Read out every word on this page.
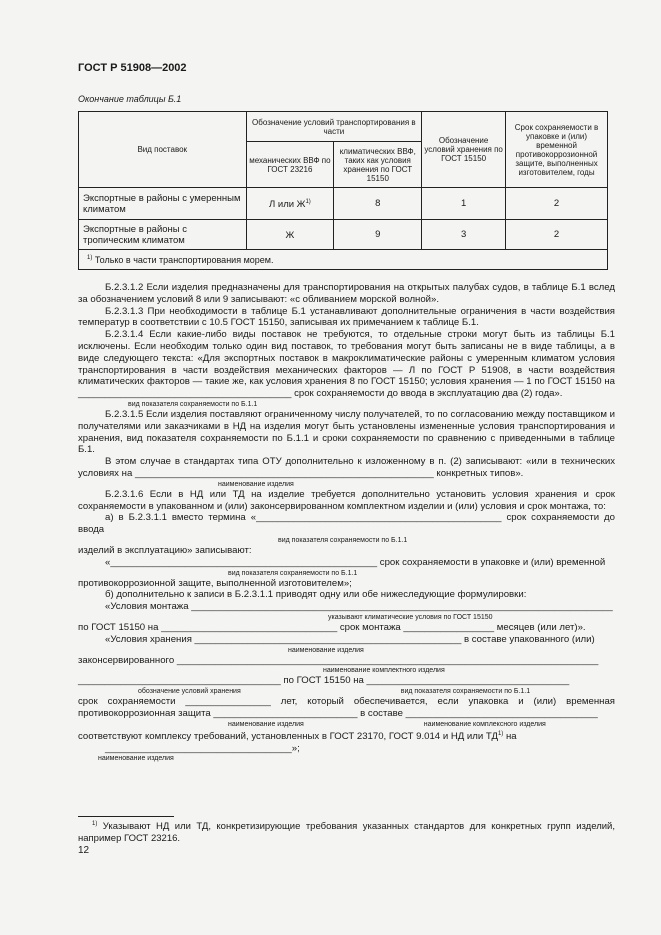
ГОСТ Р 51908—2002
Окончание таблицы Б.1
Вид поставок	Обозначение условий транспортирования в части		Обозначение условий хранения по ГОСТ 15150	Срок сохраняемости в упаковке и (или) временной противокоррозионной защите, выполненных изготовителем, годы
	механических ВВФ по ГОСТ 23216	климатических ВВФ, таких как условия хранения по ГОСТ 15150		
Экспортные в районы с умеренным климатом	Л или $Ж^{1)}$	8	1	2
Экспортные в районы с тропическим климатом	Ж	9	3	2
$^{1)}$ Только в части транспортирования морем.				

Б.2.3.1.2 Если изделия предназначены для транспортирования на открытых палубах судов, в таблице Б.1 вслед за обозначением условий 8 или 9 записывают: «с обливанием морской волной».

Б.2.3.1.3 При необходимости в таблице Б.1 устанавливают дополнительные ограничения в части воздействия температур в соответствии с 10.5 ГОСТ 15150, записывая их примечанием к таблице Б.1.

Б.2.3.1.4 Если какие-либо виды поставок не требуются, то отдельные строки могут быть из таблицы Б.1 исключены. Если необходим только один вид поставок, то требования могут быть записаны не в виде таблицы, а в виде следующего текста: «Для экспортных поставок в макроклиматические районы с умеренным климатом условия транспортирования в части воздействия механических факторов — Л по ГОСТ Р 51908, в части воздействия климатических факторов — такие же, как условия хранения 8 по ГОСТ 15150; условия хранения — 1 по ГОСТ 15150 на ________________________________________ срок сохраняемости до ввода в эксплуатацию два (2) года».

вид показателя сохраняемости по Б.1.1

Б.2.3.1.5 Если изделия поставляют ограниченному числу получателей, то по согласованию между поставщиком и получателями или заказчиками в НД на изделия могут быть установлены измененные условия транспортирования и хранения, вид показателя сохраняемости по Б.1.1 и сроки сохраняемости по сравнению с приведенными в таблице Б.1.

В этом случае в стандартах типа ОТУ дополнительно к изложенному в п. (2) записывают: «или в технических условиях на ________________________________________________________ конкретных типов».

наименование изделия

Б.2.3.1.6 Если в НД или ТД на изделие требуется дополнительно установить условия хранения и срок сохраняемости в упакованном и (или) законсервированном комплектном изделии и (или) условия и срок монтажа, то:

а) в Б.2.3.1.1 вместо термина «______________________________________________ срок сохраняемости до ввода

вид показателя сохраняемости по Б.1.1

изделий в эксплуатацию» записывают:

«__________________________________________________ срок сохраняемости в упаковке и (или) временной

вид показателя сохраняемости по Б.1.1

противокоррозионной защите, выполненной изготовителем»;

б) дополнительно к записи в Б.2.3.1.1 приводят одну или обе нижеследующие формулировки:

«Условия монтажа _______________________________________________________________________________

указывают климатические условия по ГОСТ 15150

по ГОСТ 15150 на _________________________________ срок монтажа _________________ месяцев (или лет)».

«Условия хранения __________________________________________________ в составе упакованного (или)

наименование изделия

законсервированного _______________________________________________________________________________

наименование комплектного изделия

______________________________________ по ГОСТ 15150 на ______________________________________

обозначение условий хранения	вид показателя сохраняемости по Б.1.1

срок сохраняемости ________________ лет, который обеспечивается, если упаковка и (или) временная противокоррозионная защита ___________________________ в составе ____________________________________

наименование изделия	наименование комплексного изделия

соответствуют комплексу требований, установленных в ГОСТ 23170, ГОСТ 9.014 и НД или ТД$^{1)}$ на

___________________________________»;

наименование изделия

$^{1)}$ Указывают НД или ТД, конкретизирующие требования указанных стандартов для конкретных групп изделий, например ГОСТ 23216.
12
